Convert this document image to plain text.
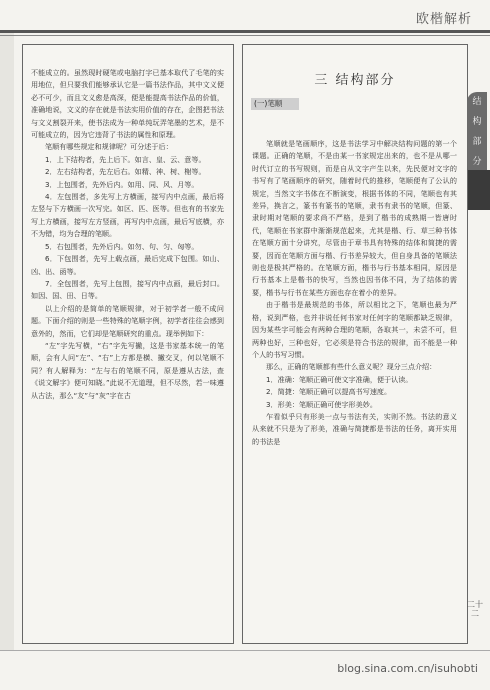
欧楷解析

不能成立的。虽然现时硬笔或电脑打字已基本取代了毛笔的实用地位，但只要我们能够承认它是一篇书法作品，其中文义便必不可少，而且文义愈是高深，便是能提高书法作品的价值，准确地说，文义的存在就是书法实用价值的存在，企图把书法与文义割裂开来，使书法成为一种单纯玩弄笔墨的艺术，是不可能成立的，因为它违背了书法的属性和原理。

笔顺有哪些规定和规律呢？可分述于后：

1．上下结构者，先上后下。如言、皇、云、意等。

2．左右结构者，先左后右。如精、神、树、榭等。

3．上包围者，先外后内。如用、同、风、月等。

4．左包围者，多先写上方横画，接写内中点画，最后将左竖与下方横画一次写完。如区、匹、医等。但也有的书家先写上方横画，接写左方竖画，再写内中点画，最后写底横，亦不为错，均为合理的笔顺。

5．右包围者，先外后内。如勿、句、匀、匈等。

6．下包围者，先写上载点画，最后完成下包围。如山、凶、出、函等。

7．全包围者，先写上包围，接写内中点画，最后封口。如因、国、田、日等。

以上介绍的是简单的笔顺规律，对于初学者一般不成问题。下面介绍的则是一些特殊的笔顺字例，初学者往往会感到意外的，然而，它们却是笔顺研究的重点。现举例如下：

“左”字先写横，“右”字先写撇，这是书家基本统一的笔顺，会有人问“左”、“右”上方都是横、撇交叉，何以笔顺不同？有人解释为：“左与右的笔顺不同，原是遵从古法，查《说文解字》便可知晓。”此说不无道理，但不尽然，若一味遵从古法，那么“友”与“灰”字在古

三 结构部分
(一)笔顺

笔顺就是笔画顺序，这是书法学习中解决结构问题的第一个课题。正确的笔顺，不是由某一书家规定出来的，也不是从哪一时代订立的书写规则，而是自从文字产生以来，先民便对文字的书写有了笔画顺序的研究，随着时代的推移，笔顺便有了公认的规定，当然文字书体在不断演变，根据书体的不同，笔顺也有其差异，换言之，篆书有篆书的笔顺，隶书有隶书的笔顺，但篆、隶时期对笔顺的要求尚不严格，是到了楷书的成熟期一皆唐时代，笔顺在书家群中渐渐规范起来，尤其是楷、行、草三种书体在笔顺方面十分讲究，尽管由于章书具有特殊的结体和简捷的需要，因而在笔顺方面与楷、行书差异较大，但自身具备的笔顺法则也是极其严格的。在笔顺方面，楷书与行书基本相同，原因是行书基本上是楷书的快写，当然也因书体不同，为了结体的需要，楷书与行书在某些方面也存在着小的差异。

由于楷书是最规范的书体，所以相比之下，笔顺也最为严格，说到严格，也并非说任何书家对任何字的笔顺都缺乏规律，因为某些字可能会有两种合理的笔顺，各取其一，未尝不可，但两种也好，三种也好，它必须是符合书法的规律，而不能是一种个人的书写习惯。

那么，正确的笔顺都有些什么意义呢？现分三点介绍：

1．准确：笔顺正确可使文字准确，便于认读。

2．简捷：笔顺正确可以提高书写速度。

3．形美：笔顺正确可使字形美妙。

乍看似乎只有形美一点与书法有关，实则不然。书法的意义从来就不只是为了形美，准确与简捷都是书法的任务，离开实用的书法是

结
构
部
分
二十二
blog.sina.com.cn/isuhobti
